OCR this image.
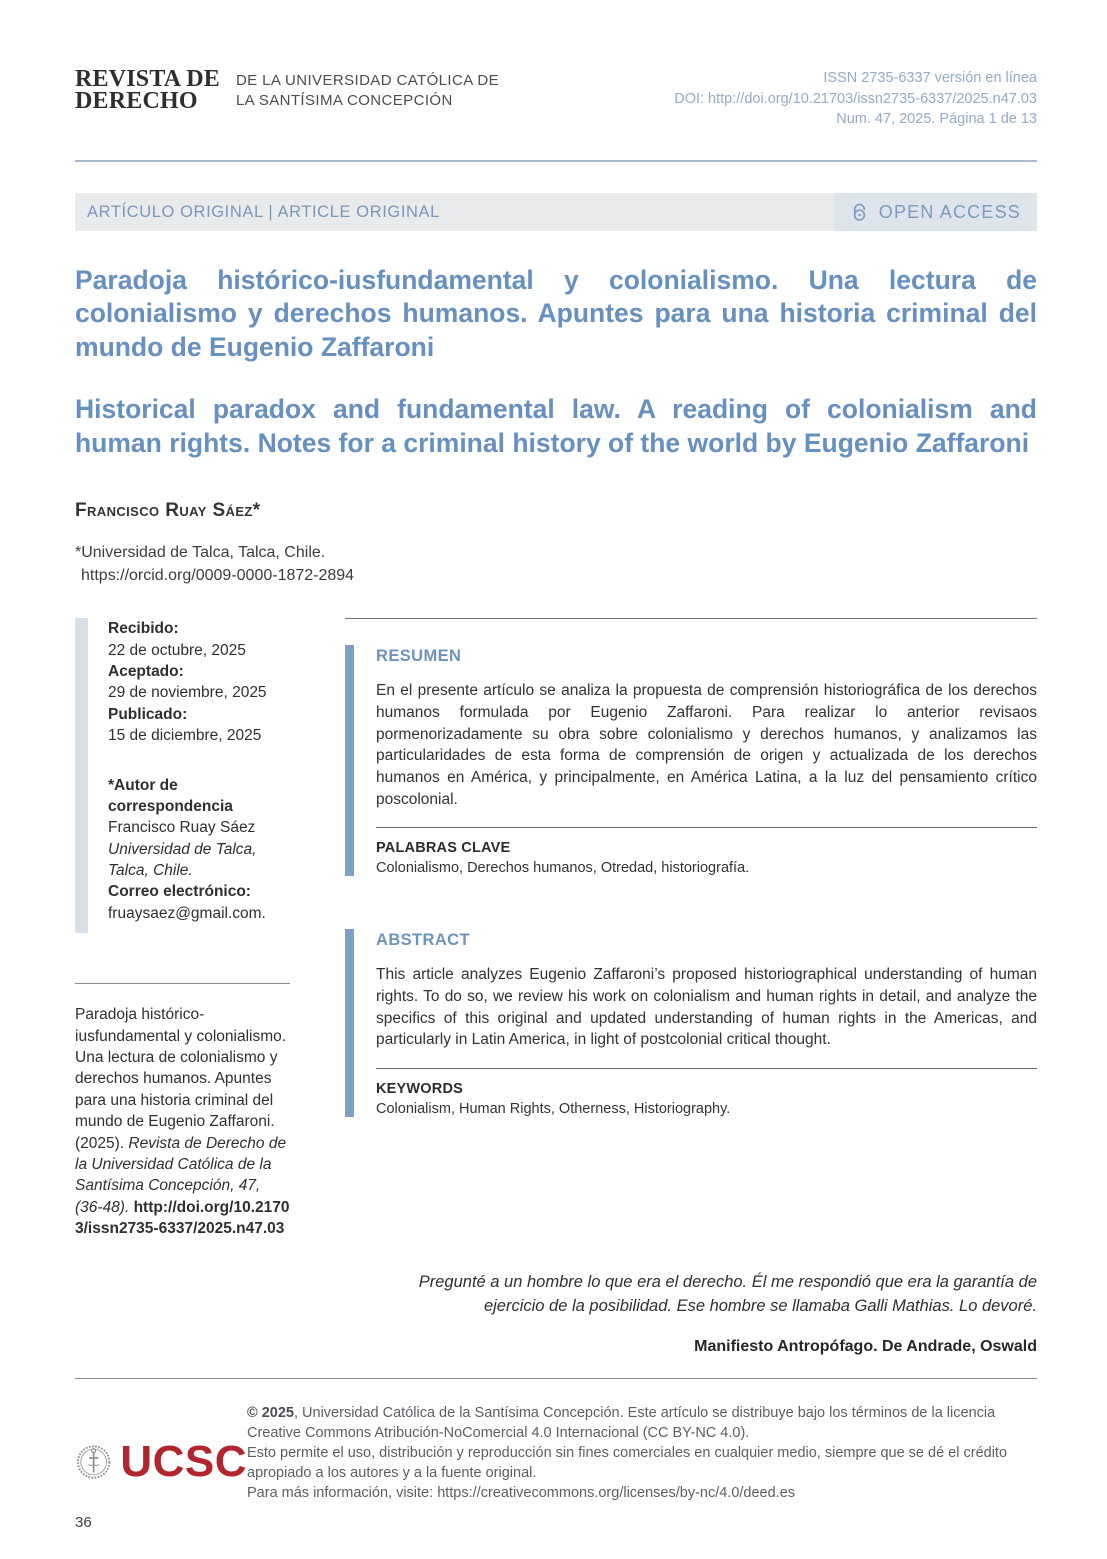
REVISTA DE
DERECHO
DE LA UNIVERSIDAD CATÓLICA DE
LA SANTÍSIMA CONCEPCIÓN
ISSN 2735-6337 versión en línea
DOI: http://doi.org/10.21703/issn2735-6337/2025.n47.03
Num. 47, 2025. Página 1 de 13
ARTÍCULO ORIGINAL | ARTICLE ORIGINAL	OPEN ACCESS
Paradoja histórico-iusfundamental y colonialismo. Una lectura de colonialismo y derechos humanos. Apuntes para una historia criminal del mundo de Eugenio Zaffaroni
Historical paradox and fundamental law. A reading of colonialism and human rights. Notes for a criminal history of the world by Eugenio Zaffaroni
Francisco Ruay Sáez*
*Universidad de Talca, Talca, Chile.
https://orcid.org/0009-0000-1872-2894
Recibido:
22 de octubre, 2025
Aceptado:
29 de noviembre, 2025
Publicado:
15 de diciembre, 2025
*Autor de correspondencia
Francisco Ruay Sáez
Universidad de Talca, Talca, Chile.
Correo electrónico:
fruaysaez@gmail.com.
Paradoja histórico-iusfundamental y colonialismo. Una lectura de colonialismo y derechos humanos. Apuntes para una historia criminal del mundo de Eugenio Zaffaroni. (2025). Revista de Derecho de la Universidad Católica de la Santísima Concepción, 47, (36-48). http://doi.org/10.21703/issn2735-6337/2025.n47.03
RESUMEN

En el presente artículo se analiza la propuesta de comprensión historiográfica de los derechos humanos formulada por Eugenio Zaffaroni. Para realizar lo anterior revisaos pormenorizadamente su obra sobre colonialismo y derechos humanos, y analizamos las particularidades de esta forma de comprensión de origen y actualizada de los derechos humanos en América, y principalmente, en América Latina, a la luz del pensamiento crítico poscolonial.

PALABRAS CLAVE
Colonialismo, Derechos humanos, Otredad, historiografía.
ABSTRACT

This article analyzes Eugenio Zaffaroni’s proposed historiographical understanding of human rights. To do so, we review his work on colonialism and human rights in detail, and analyze the specifics of this original and updated understanding of human rights in the Americas, and particularly in Latin America, in light of postcolonial critical thought.

KEYWORDS
Colonialism, Human Rights, Otherness, Historiography.
Pregunté a un hombre lo que era el derecho. Él me respondió que era la garantía de ejercicio de la posibilidad. Ese hombre se llamaba Galli Mathias. Lo devoré.
Manifiesto Antropófago. De Andrade, Oswald
UCSC
© 2025, Universidad Católica de la Santísima Concepción. Este artículo se distribuye bajo los términos de la licencia Creative Commons Atribución-NoComercial 4.0 Internacional (CC BY-NC 4.0).
Esto permite el uso, distribución y reproducción sin fines comerciales en cualquier medio, siempre que se dé el crédito apropiado a los autores y a la fuente original.
Para más información, visite: https://creativecommons.org/licenses/by-nc/4.0/deed.es
36
